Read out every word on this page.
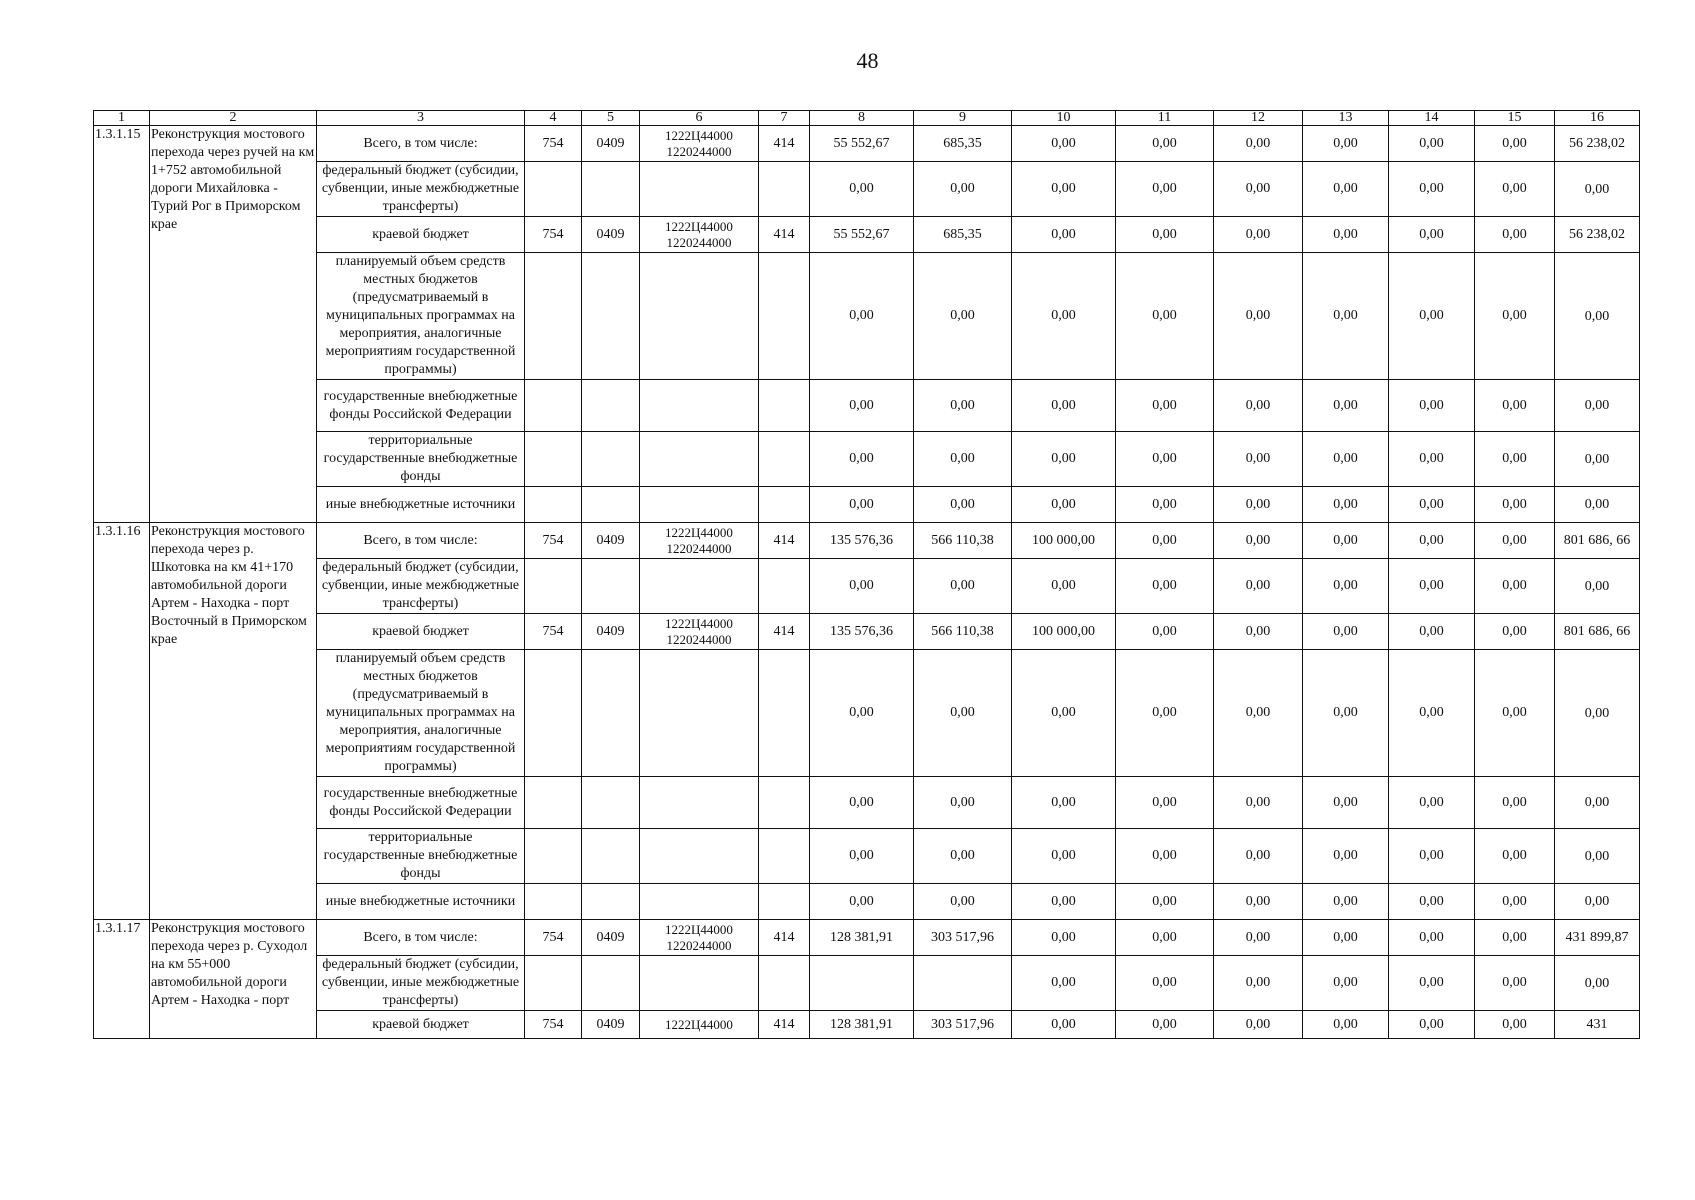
48
1	2	3	4	5	6	7	8	9	10	11	12	13	14	15	16
1.3.1.15	Реконструкция мостового перехода через ручей на км 1+752 автомобильной дороги Михайловка - Турий Рог в Приморском крае	Всего, в том числе:	754	0409	1222Ц44000 1220244000	414	55 552,67	685,35	0,00	0,00	0,00	0,00	0,00	0,00	56 238,02
		федеральный бюджет (субсидии, субвенции, иные межбюджетные трансферты)					0,00	0,00	0,00	0,00	0,00	0,00	0,00	0,00	0,00
		краевой бюджет	754	0409	1222Ц44000 1220244000	414	55 552,67	685,35	0,00	0,00	0,00	0,00	0,00	0,00	56 238,02
		планируемый объем средств местных бюджетов (предусматриваемый в муниципальных программах на мероприятия, аналогичные мероприятиям государственной программы)					0,00	0,00	0,00	0,00	0,00	0,00	0,00	0,00	0,00
		государственные внебюджетные фонды Российской Федерации					0,00	0,00	0,00	0,00	0,00	0,00	0,00	0,00	0,00
		территориальные государственные внебюджетные фонды					0,00	0,00	0,00	0,00	0,00	0,00	0,00	0,00	0,00
		иные внебюджетные источники					0,00	0,00	0,00	0,00	0,00	0,00	0,00	0,00	0,00
1.3.1.16	Реконструкция мостового перехода через р. Шкотовка на км 41+170 автомобильной дороги Артем - Находка - порт Восточный в Приморском крае	Всего, в том числе:	754	0409	1222Ц44000 1220244000	414	135 576,36	566 110,38	100 000,00	0,00	0,00	0,00	0,00	0,00	801 686, 66
		федеральный бюджет (субсидии, субвенции, иные межбюджетные трансферты)					0,00	0,00	0,00	0,00	0,00	0,00	0,00	0,00	0,00
		краевой бюджет	754	0409	1222Ц44000 1220244000	414	135 576,36	566 110,38	100 000,00	0,00	0,00	0,00	0,00	0,00	801 686, 66
		планируемый объем средств местных бюджетов (предусматриваемый в муниципальных программах на мероприятия, аналогичные мероприятиям государственной программы)					0,00	0,00	0,00	0,00	0,00	0,00	0,00	0,00	0,00
		государственные внебюджетные фонды Российской Федерации					0,00	0,00	0,00	0,00	0,00	0,00	0,00	0,00	0,00
		территориальные государственные внебюджетные фонды					0,00	0,00	0,00	0,00	0,00	0,00	0,00	0,00	0,00
		иные внебюджетные источники					0,00	0,00	0,00	0,00	0,00	0,00	0,00	0,00	0,00
1.3.1.17	Реконструкция мостового перехода через р. Суходол на км 55+000 автомобильной дороги Артем - Находка - порт	Всего, в том числе:	754	0409	1222Ц44000 1220244000	414	128 381,91	303 517,96	0,00	0,00	0,00	0,00	0,00	0,00	431 899,87
		федеральный бюджет (субсидии, субвенции, иные межбюджетные трансферты)							0,00	0,00	0,00	0,00	0,00	0,00	0,00
		краевой бюджет	754	0409	1222Ц44000	414	128 381,91	303 517,96	0,00	0,00	0,00	0,00	0,00	0,00	431
